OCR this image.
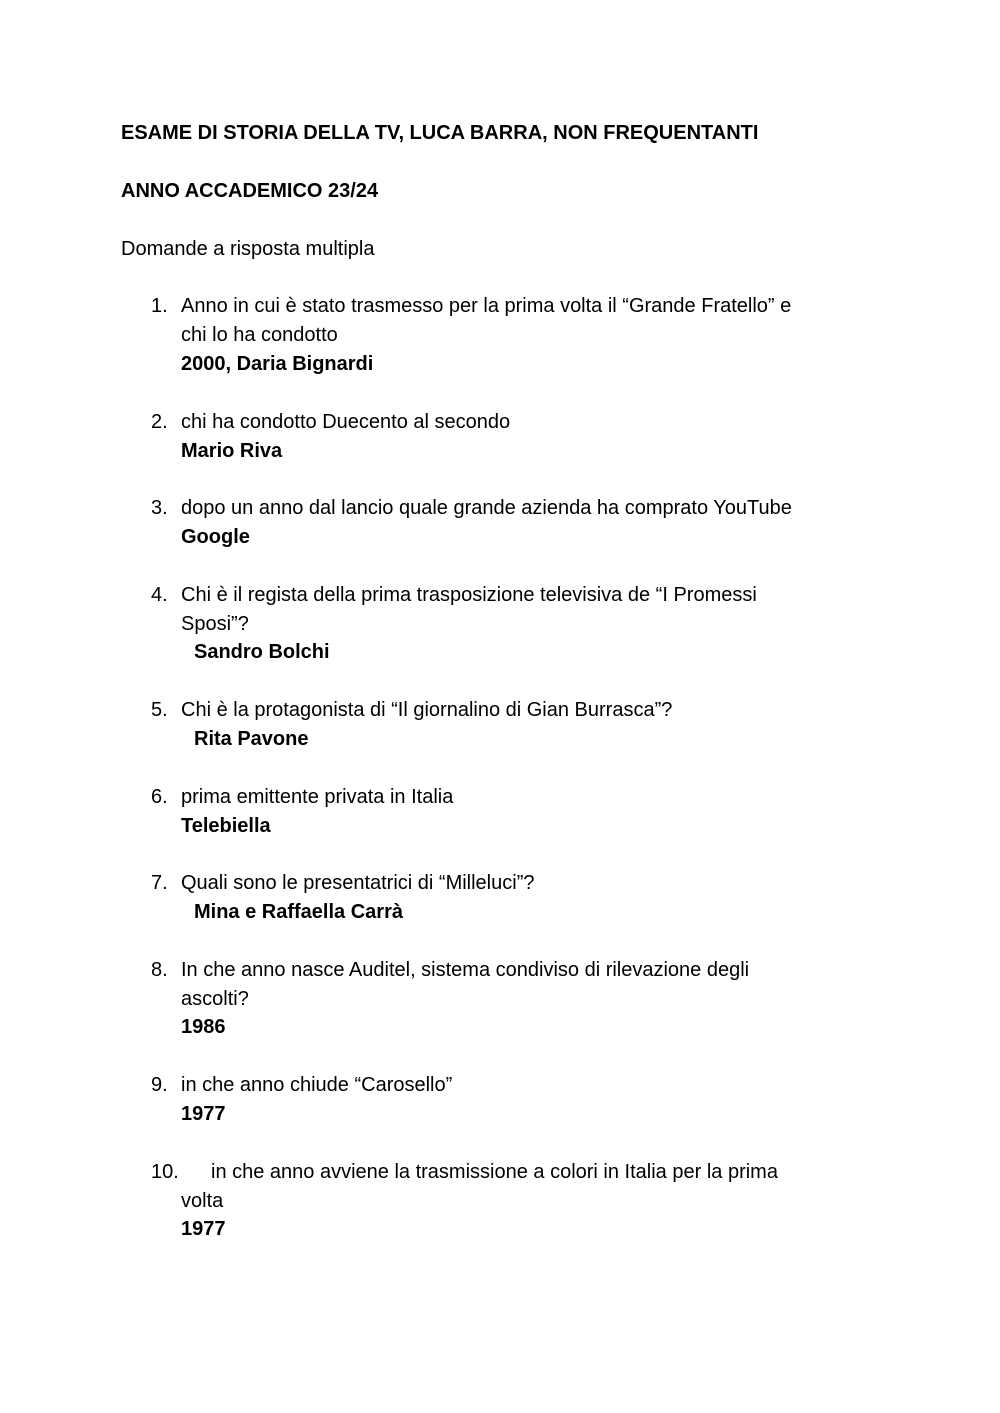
ESAME DI STORIA DELLA TV, LUCA BARRA, NON FREQUENTANTI
ANNO ACCADEMICO 23/24
Domande a risposta multipla
1. Anno in cui è stato trasmesso per la prima volta il “Grande Fratello” e
chi lo ha condotto
2000, Daria Bignardi
2. chi ha condotto Duecento al secondo
Mario Riva
3. dopo un anno dal lancio quale grande azienda ha comprato YouTube
Google
4. Chi è il regista della prima trasposizione televisiva de “I Promessi
Sposi”?
Sandro Bolchi
5. Chi è la protagonista di “Il giornalino di Gian Burrasca”?
Rita Pavone
6. prima emittente privata in Italia
Telebiella
7. Quali sono le presentatrici di “Milleluci”?
Mina e Raffaella Carrà
8. In che anno nasce Auditel, sistema condiviso di rilevazione degli
ascolti?
1986
9. in che anno chiude “Carosello”
1977
10. in che anno avviene la trasmissione a colori in Italia per la prima
volta
1977
